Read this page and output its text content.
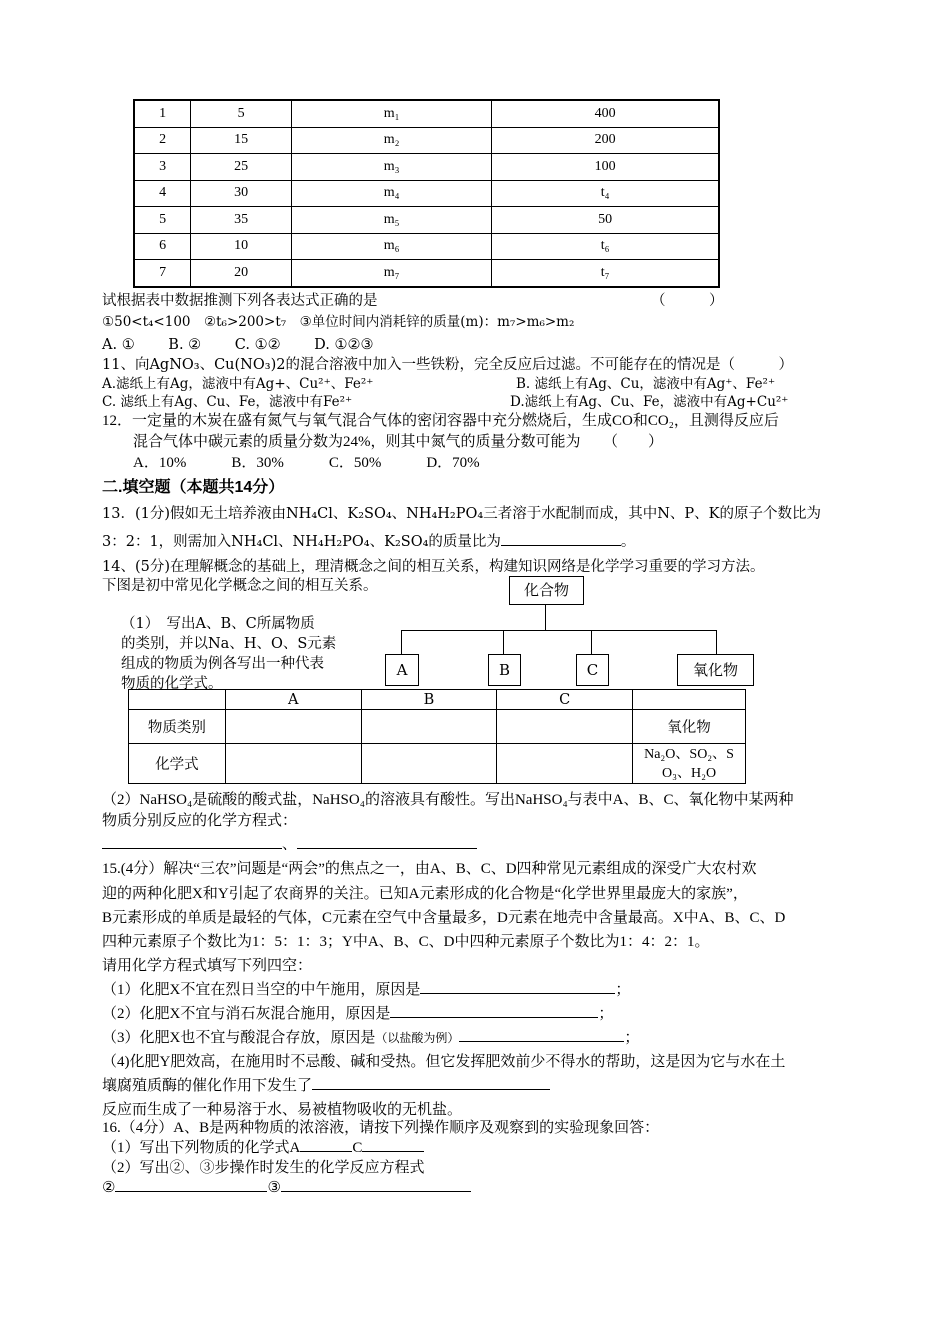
1	5	m₁	400
2	15	m₂	200
3	25	m₃	100
4	30	m₄	t₄
5	35	m₅	50
6	10	m₆	t₆
7	20	m₇	t₇
试根据表中数据推测下列各表达式正确的是	（　　　）
①50<t₄<100　②t₆>200>t₇　③单位时间内消耗锌的质量(m)：m₇>m₆>m₂
A. ①　　 B. ②　　 C. ①②　　 D. ①②③
11、向AgNO₃、Cu(NO₃)2的混合溶液中加入一些铁粉，完全反应后过滤。不可能存在的情况是（　　　）
A.滤纸上有Ag，滤液中有Ag+、Cu²⁺、Fe²⁺	B. 滤纸上有Ag、Cu，滤液中有Ag⁺、Fe²⁺
C. 滤纸上有Ag、Cu、Fe，滤液中有Fe²⁺	D.滤纸上有Ag、Cu、Fe，滤液中有Ag+Cu²⁺
12．一定量的木炭在盛有氮气与氧气混合气体的密闭容器中充分燃烧后，生成CO和CO₂，且测得反应后
混合气体中碳元素的质量分数为24%，则其中氮气的质量分数可能为　　（　　）
A．10%　　　B．30%　　　C．50%　　　D．70%
二.填空题（本题共14分）
13．(1分)假如无土培养液由NH₄Cl、K₂SO₄、NH₄H₂PO₄三者溶于水配制而成，其中N、P、K的原子个数比为
3：2：1，则需加入NH₄Cl、NH₄H₂PO₄、K₂SO₄的质量比为	。
14、(5分)在理解概念的基础上，理清概念之间的相互关系，构建知识网络是化学学习重要的学习方法。
下图是初中常见化学概念之间的相互关系。
（1）　写出A、B、C所属物质
的类别，并以Na、H、O、S元素
组成的物质为例各写出一种代表
物质的化学式。
化合物
A	B	C	氧化物
	A	B	C	
物质类别				氧化物
化学式				Na₂O、SO₂、S
O₃、H₂O
（2）NaHSO₄是硫酸的酸式盐，NaHSO₄的溶液具有酸性。写出NaHSO₄与表中A、B、C、氧化物中某两种
物质分别反应的化学方程式：
、
15.(4分）解决“三农”问题是“两会”的焦点之一，由A、B、C、D四种常见元素组成的深受广大农村欢
迎的两种化肥X和Y引起了农商界的关注。已知A元素形成的化合物是“化学世界里最庞大的家族”，
B元素形成的单质是最轻的气体，C元素在空气中含量最多，D元素在地壳中含量最高。X中A、B、C、D
四种元素原子个数比为1：5：1：3；Y中A、B、C、D中四种元素原子个数比为1：4：2：1。
请用化学方程式填写下列四空：
（1）化肥X不宜在烈日当空的中午施用，原因是	；
（2）化肥X不宜与消石灰混合施用，原因是	；
（3）化肥X也不宜与酸混合存放，原因是（以盐酸为例）	；
（4)化肥Y肥效高，在施用时不忌酸、碱和受热。但它发挥肥效前少不得水的帮助，这是因为它与水在土
壤腐殖质酶的催化作用下发生了
反应而生成了一种易溶于水、易被植物吸收的无机盐。
16.（4分）A、B是两种物质的浓溶液，请按下列操作顺序及观察到的实验现象回答：
（1）写出下列物质的化学式A	C
（2）写出②、③步操作时发生的化学反应方程式
②	③
